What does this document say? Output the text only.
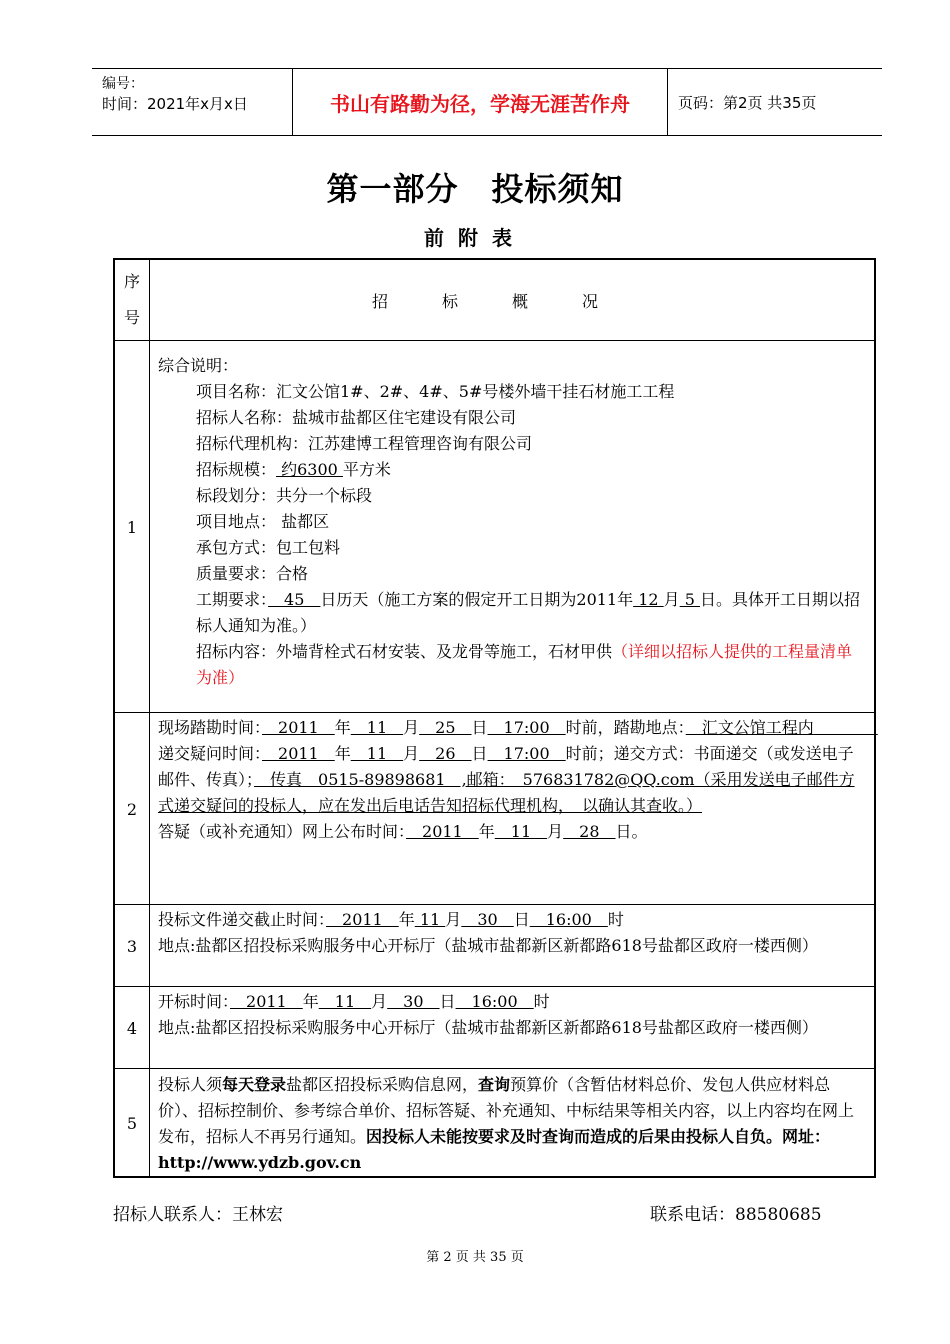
编号：
时间：2021年x月x日	书山有路勤为径，学海无涯苦作舟	页码：第2页 共35页
第一部分　投标须知
前附表
序
号
招标概况
1
综合说明：
项目名称：汇文公馆1#、2#、4#、5#号楼外墙干挂石材施工工程
招标人名称：盐城市盐都区住宅建设有限公司
招标代理机构：江苏建博工程管理咨询有限公司
招标规模： 约6300 平方米
标段划分：共分一个标段
项目地点： 盐都区
承包方式：包工包料
质量要求：合格
工期要求：　45　日历天（施工方案的假定开工日期为2011年 12 月 5 日。具体开工日期以招标人通知为准。）
招标内容：外墙背栓式石材安装、及龙骨等施工，石材甲供（详细以招标人提供的工程量清单为准）
2
现场踏勘时间：　2011　年　11　月　25　日　17:00　时前，踏勘地点：　汇文公馆工程内　　　　
递交疑问时间：　2011　年　11　月　26　日　17:00　时前；递交方式：书面递交（或发送电子邮件、传真）；　传真　0515-89898681　,邮箱：　576831782@QQ.com（采用发送电子邮件方式递交疑问的投标人，应在发出后电话告知招标代理机构，　以确认其查收。）
答疑（或补充通知）网上公布时间：　2011　年　11　月　28　日。
3
投标文件递交截止时间：　2011　年 11 月　30　日　16:00　时
地点:盐都区招投标采购服务中心开标厅（盐城市盐都新区新都路618号盐都区政府一楼西侧）
4
开标时间：　2011　年　11　月　30　日　16:00　时
地点:盐都区招投标采购服务中心开标厅（盐城市盐都新区新都路618号盐都区政府一楼西侧）
5
投标人须每天登录盐都区招投标采购信息网，查询预算价（含暂估材料总价、发包人供应材料总价）、招标控制价、参考综合单价、招标答疑、补充通知、中标结果等相关内容，以上内容均在网上发布，招标人不再另行通知。因投标人未能按要求及时查询而造成的后果由投标人自负。网址：http://www.ydzb.gov.cn
招标人联系人：王林宏	联系电话：88580685
第 2 页 共 35 页
